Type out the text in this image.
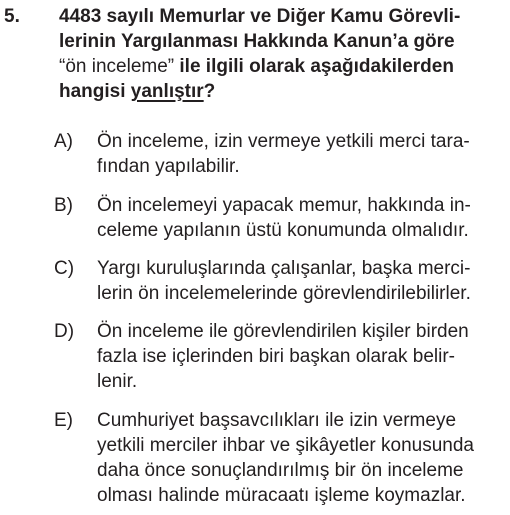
5. 4483 sayılı Memurlar ve Diğer Kamu Görevli-
lerinin Yargılanması Hakkında Kanun’a göre
“ön inceleme” ile ilgili olarak aşağıdakilerden
hangisi yanlıştır?
A) Ön inceleme, izin vermeye yetkili merci tara-
fından yapılabilir.
B) Ön incelemeyi yapacak memur, hakkında in-
celeme yapılanın üstü konumunda olmalıdır.
C) Yargı kuruluşlarında çalışanlar, başka merci-
lerin ön incelemelerinde görevlendirilebilirler.
D) Ön inceleme ile görevlendirilen kişiler birden
fazla ise içlerinden biri başkan olarak belir-
lenir.
E) Cumhuriyet başsavcılıkları ile izin vermeye
yetkili merciler ihbar ve şikâyetler konusunda
daha önce sonuçlandırılmış bir ön inceleme
olması halinde müracaatı işleme koymazlar.
